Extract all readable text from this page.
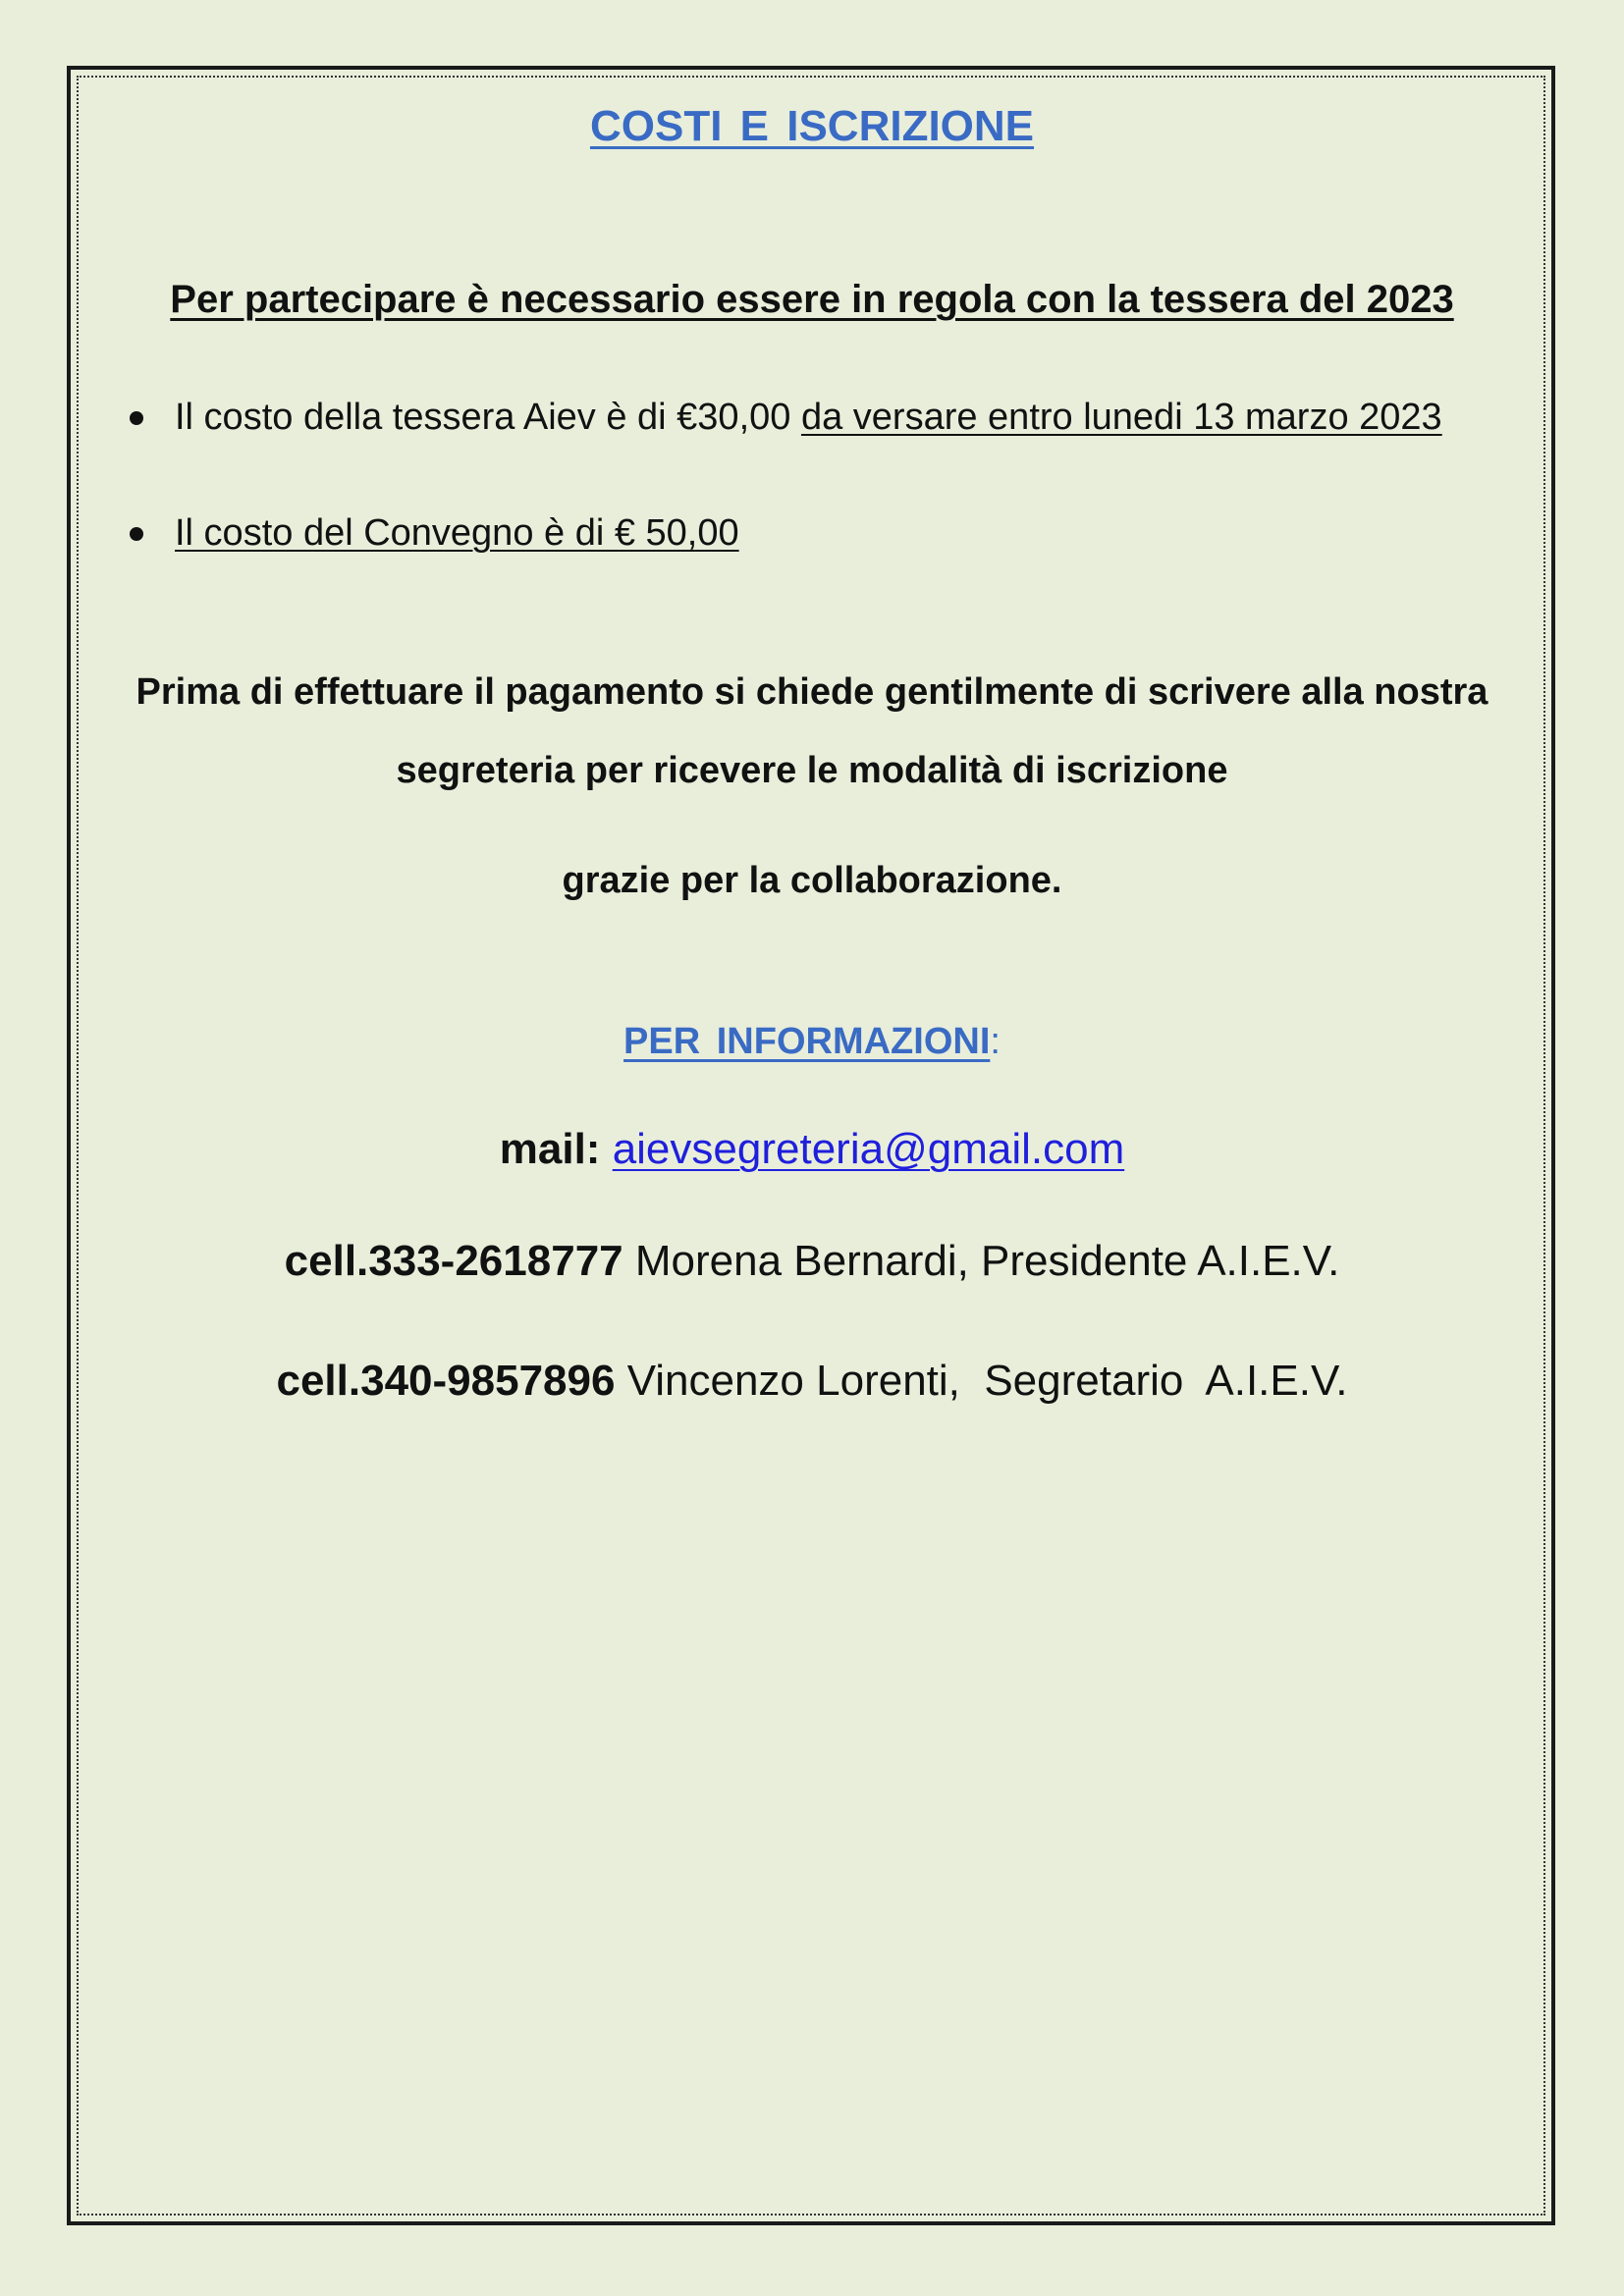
COSTI E ISCRIZIONE
Per partecipare è necessario essere in regola con la tessera del 2023
Il costo della tessera Aiev è di €30,00 da versare entro lunedi 13 marzo 2023
Il costo del Convegno è di € 50,00
Prima di effettuare il pagamento si chiede gentilmente di scrivere alla nostra
segreteria per ricevere le modalità di iscrizione
grazie per la collaborazione.
PER INFORMAZIONI:
mail: aievsegreteria@gmail.com
cell.333-2618777 Morena Bernardi, Presidente A.I.E.V.
cell.340-9857896 Vincenzo Lorenti,  Segretario  A.I.E.V.
